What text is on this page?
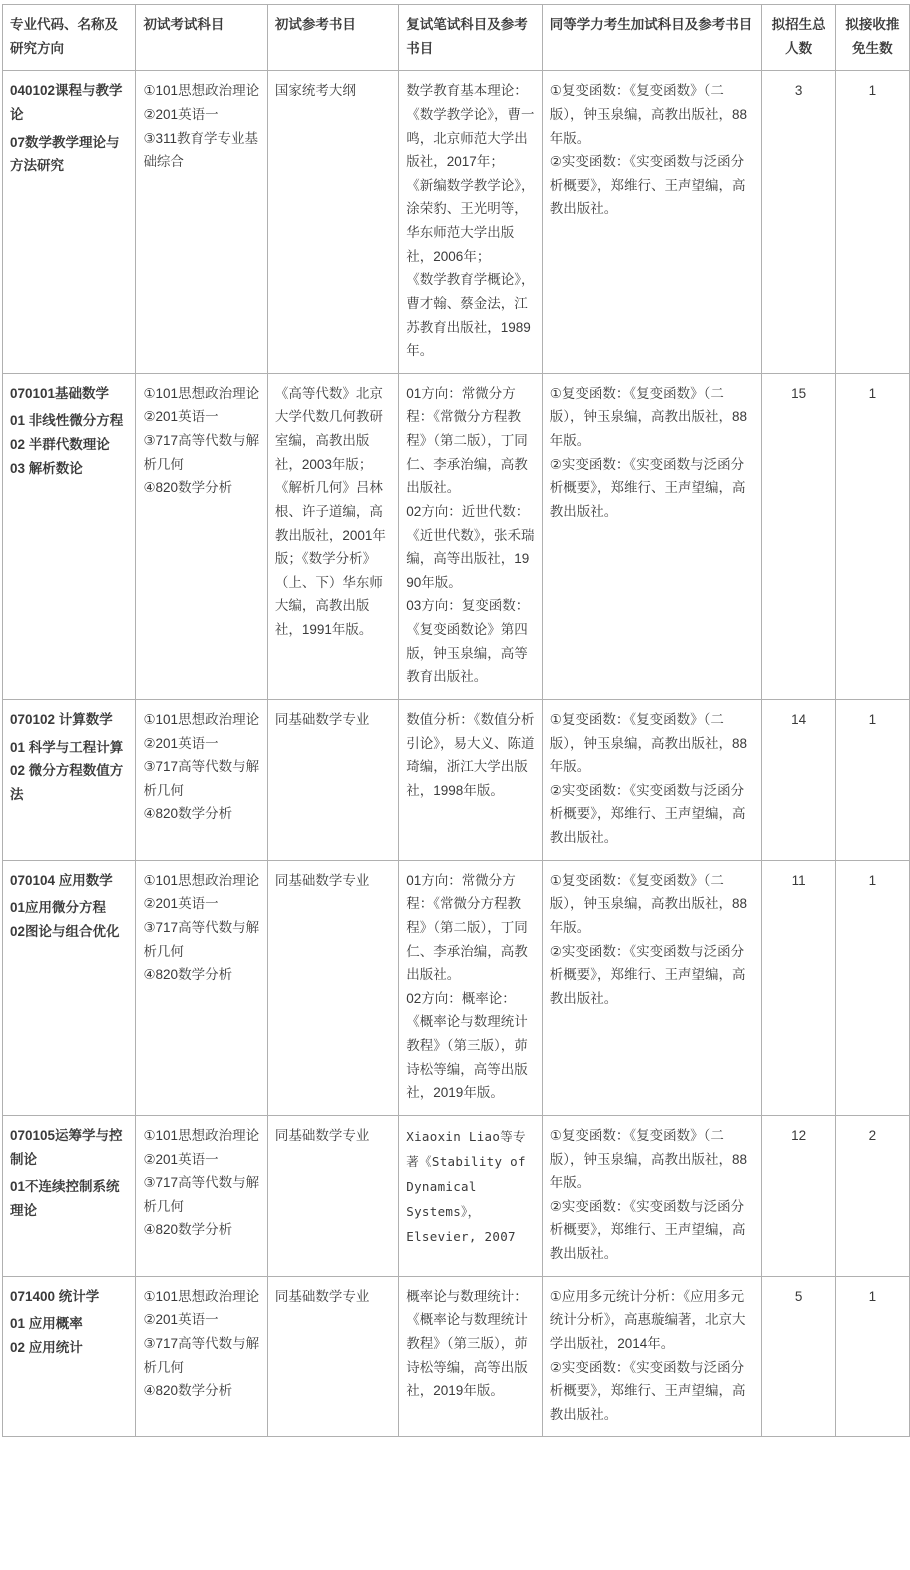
专业代码、名称及研究方向	初试考试科目	初试参考书目	复试笔试科目及参考书目	同等学力考生加试科目及参考书目	拟招生总人数	拟接收推免生数

040102课程与教学论
07数学教学理论与方法研究	①101思想政治理论
②201英语一
③311教育学专业基础综合	国家统考大纲	数学教育基本理论：《数学教学论》，曹一鸣，北京师范大学出版社，2017年；
《新编数学教学论》，涂荣豹、王光明等，华东师范大学出版社，2006年；
《数学教育学概论》，曹才翰、蔡金法，江苏教育出版社，1989年。	①复变函数：《复变函数》（二版），钟玉泉编，高教出版社，88年版。
②实变函数：《实变函数与泛函分析概要》，郑维行、王声望编，高教出版社。	3	1

070101基础数学
01 非线性微分方程
02 半群代数理论
03 解析数论	①101思想政治理论
②201英语一
③717高等代数与解析几何
④820数学分析	《高等代数》北京大学代数几何教研室编，高教出版社，2003年版；《解析几何》吕林根、许子道编，高教出版社，2001年版；《数学分析》（上、下）华东师大编，高教出版社，1991年版。	01方向：常微分方程：《常微分方程教程》（第二版），丁同仁、李承治编，高教出版社。
02方向：近世代数：《近世代数》，张禾瑞编，高等出版社，1990年版。
03方向：复变函数：《复变函数论》第四版，钟玉泉编，高等教育出版社。	①复变函数：《复变函数》（二版），钟玉泉编，高教出版社，88年版。
②实变函数：《实变函数与泛函分析概要》，郑维行、王声望编，高教出版社。	15	1

070102 计算数学
01 科学与工程计算
02 微分方程数值方法	①101思想政治理论
②201英语一
③717高等代数与解析几何
④820数学分析	同基础数学专业	数值分析：《数值分析引论》，易大义、陈道琦编，浙江大学出版社，1998年版。	①复变函数：《复变函数》（二版），钟玉泉编，高教出版社，88年版。
②实变函数：《实变函数与泛函分析概要》，郑维行、王声望编，高教出版社。	14	1

070104 应用数学
01应用微分方程
02图论与组合优化	①101思想政治理论
②201英语一
③717高等代数与解析几何
④820数学分析	同基础数学专业	01方向：常微分方程：《常微分方程教程》（第二版），丁同仁、李承治编，高教出版社。
02方向：概率论：《概率论与数理统计教程》（第三版），茆诗松等编，高等出版社，2019年版。	①复变函数：《复变函数》（二版），钟玉泉编，高教出版社，88年版。
②实变函数：《实变函数与泛函分析概要》，郑维行、王声望编，高教出版社。	11	1

070105运筹学与控制论
01不连续控制系统理论	①101思想政治理论
②201英语一
③717高等代数与解析几何
④820数学分析	同基础数学专业	Xiaoxin Liao等专
著《Stability of
Dynamical
Systems》，
Elsevier, 2007	①复变函数：《复变函数》（二版），钟玉泉编，高教出版社，88年版。
②实变函数：《实变函数与泛函分析概要》，郑维行、王声望编，高教出版社。	12	2

071400 统计学
01 应用概率
02 应用统计	①101思想政治理论
②201英语一
③717高等代数与解析几何
④820数学分析	同基础数学专业	概率论与数理统计：《概率论与数理统计教程》（第三版），茆诗松等编，高等出版社，2019年版。	①应用多元统计分析：《应用多元统计分析》，高惠璇编著，北京大学出版社，2014年。
②实变函数：《实变函数与泛函分析概要》，郑维行、王声望编，高教出版社。	5	1
